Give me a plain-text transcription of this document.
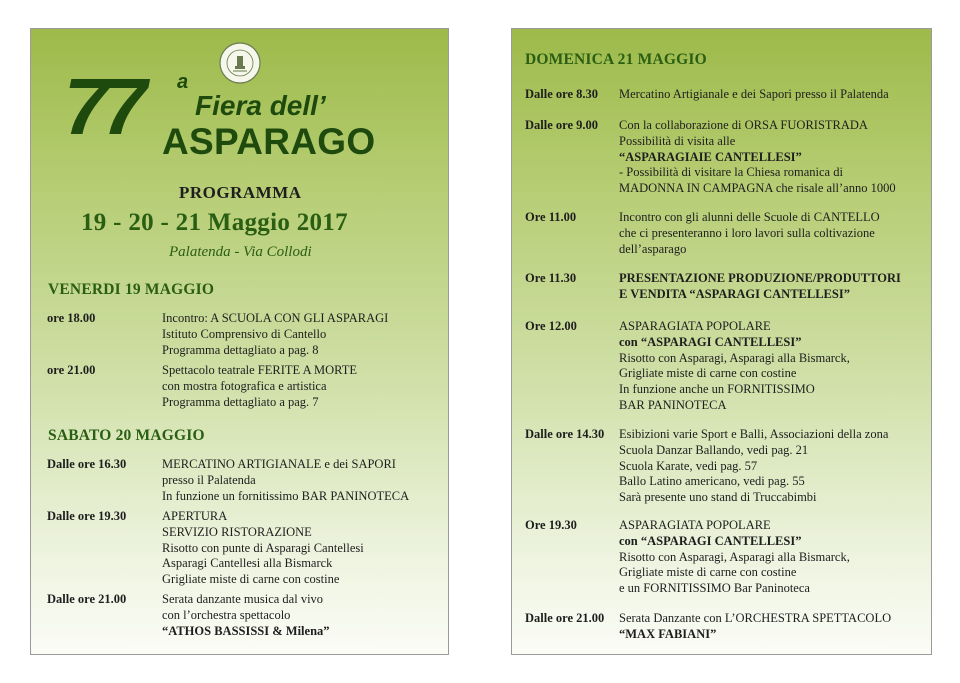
77 a
Fiera dell’
ASPARAGO
PROGRAMMA
19 - 20 - 21 Maggio 2017
Palatenda - Via Collodi
VENERDI 19 MAGGIO
ore 18.00	Incontro: A SCUOLA CON GLI ASPARAGI
Istituto Comprensivo di Cantello
Programma dettagliato a pag. 8
ore 21.00	Spettacolo teatrale FERITE A MORTE
con mostra fotografica e artistica
Programma dettagliato a pag. 7
SABATO 20 MAGGIO
Dalle ore 16.30	MERCATINO ARTIGIANALE e dei SAPORI
presso il Palatenda
In funzione un fornitissimo BAR PANINOTECA
Dalle ore 19.30	APERTURA
SERVIZIO RISTORAZIONE
Risotto con punte di Asparagi Cantellesi
Asparagi Cantellesi alla Bismarck
Grigliate miste di carne con costine
Dalle ore 21.00	Serata danzante musica dal vivo
con l’orchestra spettacolo
“ATHOS BASSISSI & Milena”
DOMENICA 21 MAGGIO
Dalle ore 8.30 Mercatino Artigianale e dei Sapori presso il Palatenda
Dalle ore 9.00 Con la collaborazione di ORSA FUORISTRADA
Possibilità di visita alle
“ASPARAGIAIE CANTELLESI”
- Possibilità di visitare la Chiesa romanica di
MADONNA IN CAMPAGNA che risale all’anno 1000
Ore 11.00	Incontro con gli alunni delle Scuole di CANTELLO
che ci presenteranno i loro lavori sulla coltivazione
dell’asparago
Ore 11.30	PRESENTAZIONE PRODUZIONE/PRODUTTORI
E VENDITA “ASPARAGI CANTELLESI”
Ore 12.00	ASPARAGIATA POPOLARE
con “ASPARAGI CANTELLESI”
Risotto con Asparagi, Asparagi alla Bismarck,
Grigliate miste di carne con costine
In funzione anche un FORNITISSIMO
BAR PANINOTECA
Dalle ore 14.30 Esibizioni varie Sport e Balli, Associazioni della zona
Scuola Danzar Ballando, vedi pag. 21
Scuola Karate, vedi pag. 57
Ballo Latino americano, vedi pag. 55
Sarà presente uno stand di Truccabimbi
Ore 19.30	ASPARAGIATA POPOLARE
con “ASPARAGI CANTELLESI”
Risotto con Asparagi, Asparagi alla Bismarck,
Grigliate miste di carne con costine
e un FORNITISSIMO Bar Paninoteca
Dalle ore 21.00 Serata Danzante con L’ORCHESTRA SPETTACOLO
“MAX FABIANI”
